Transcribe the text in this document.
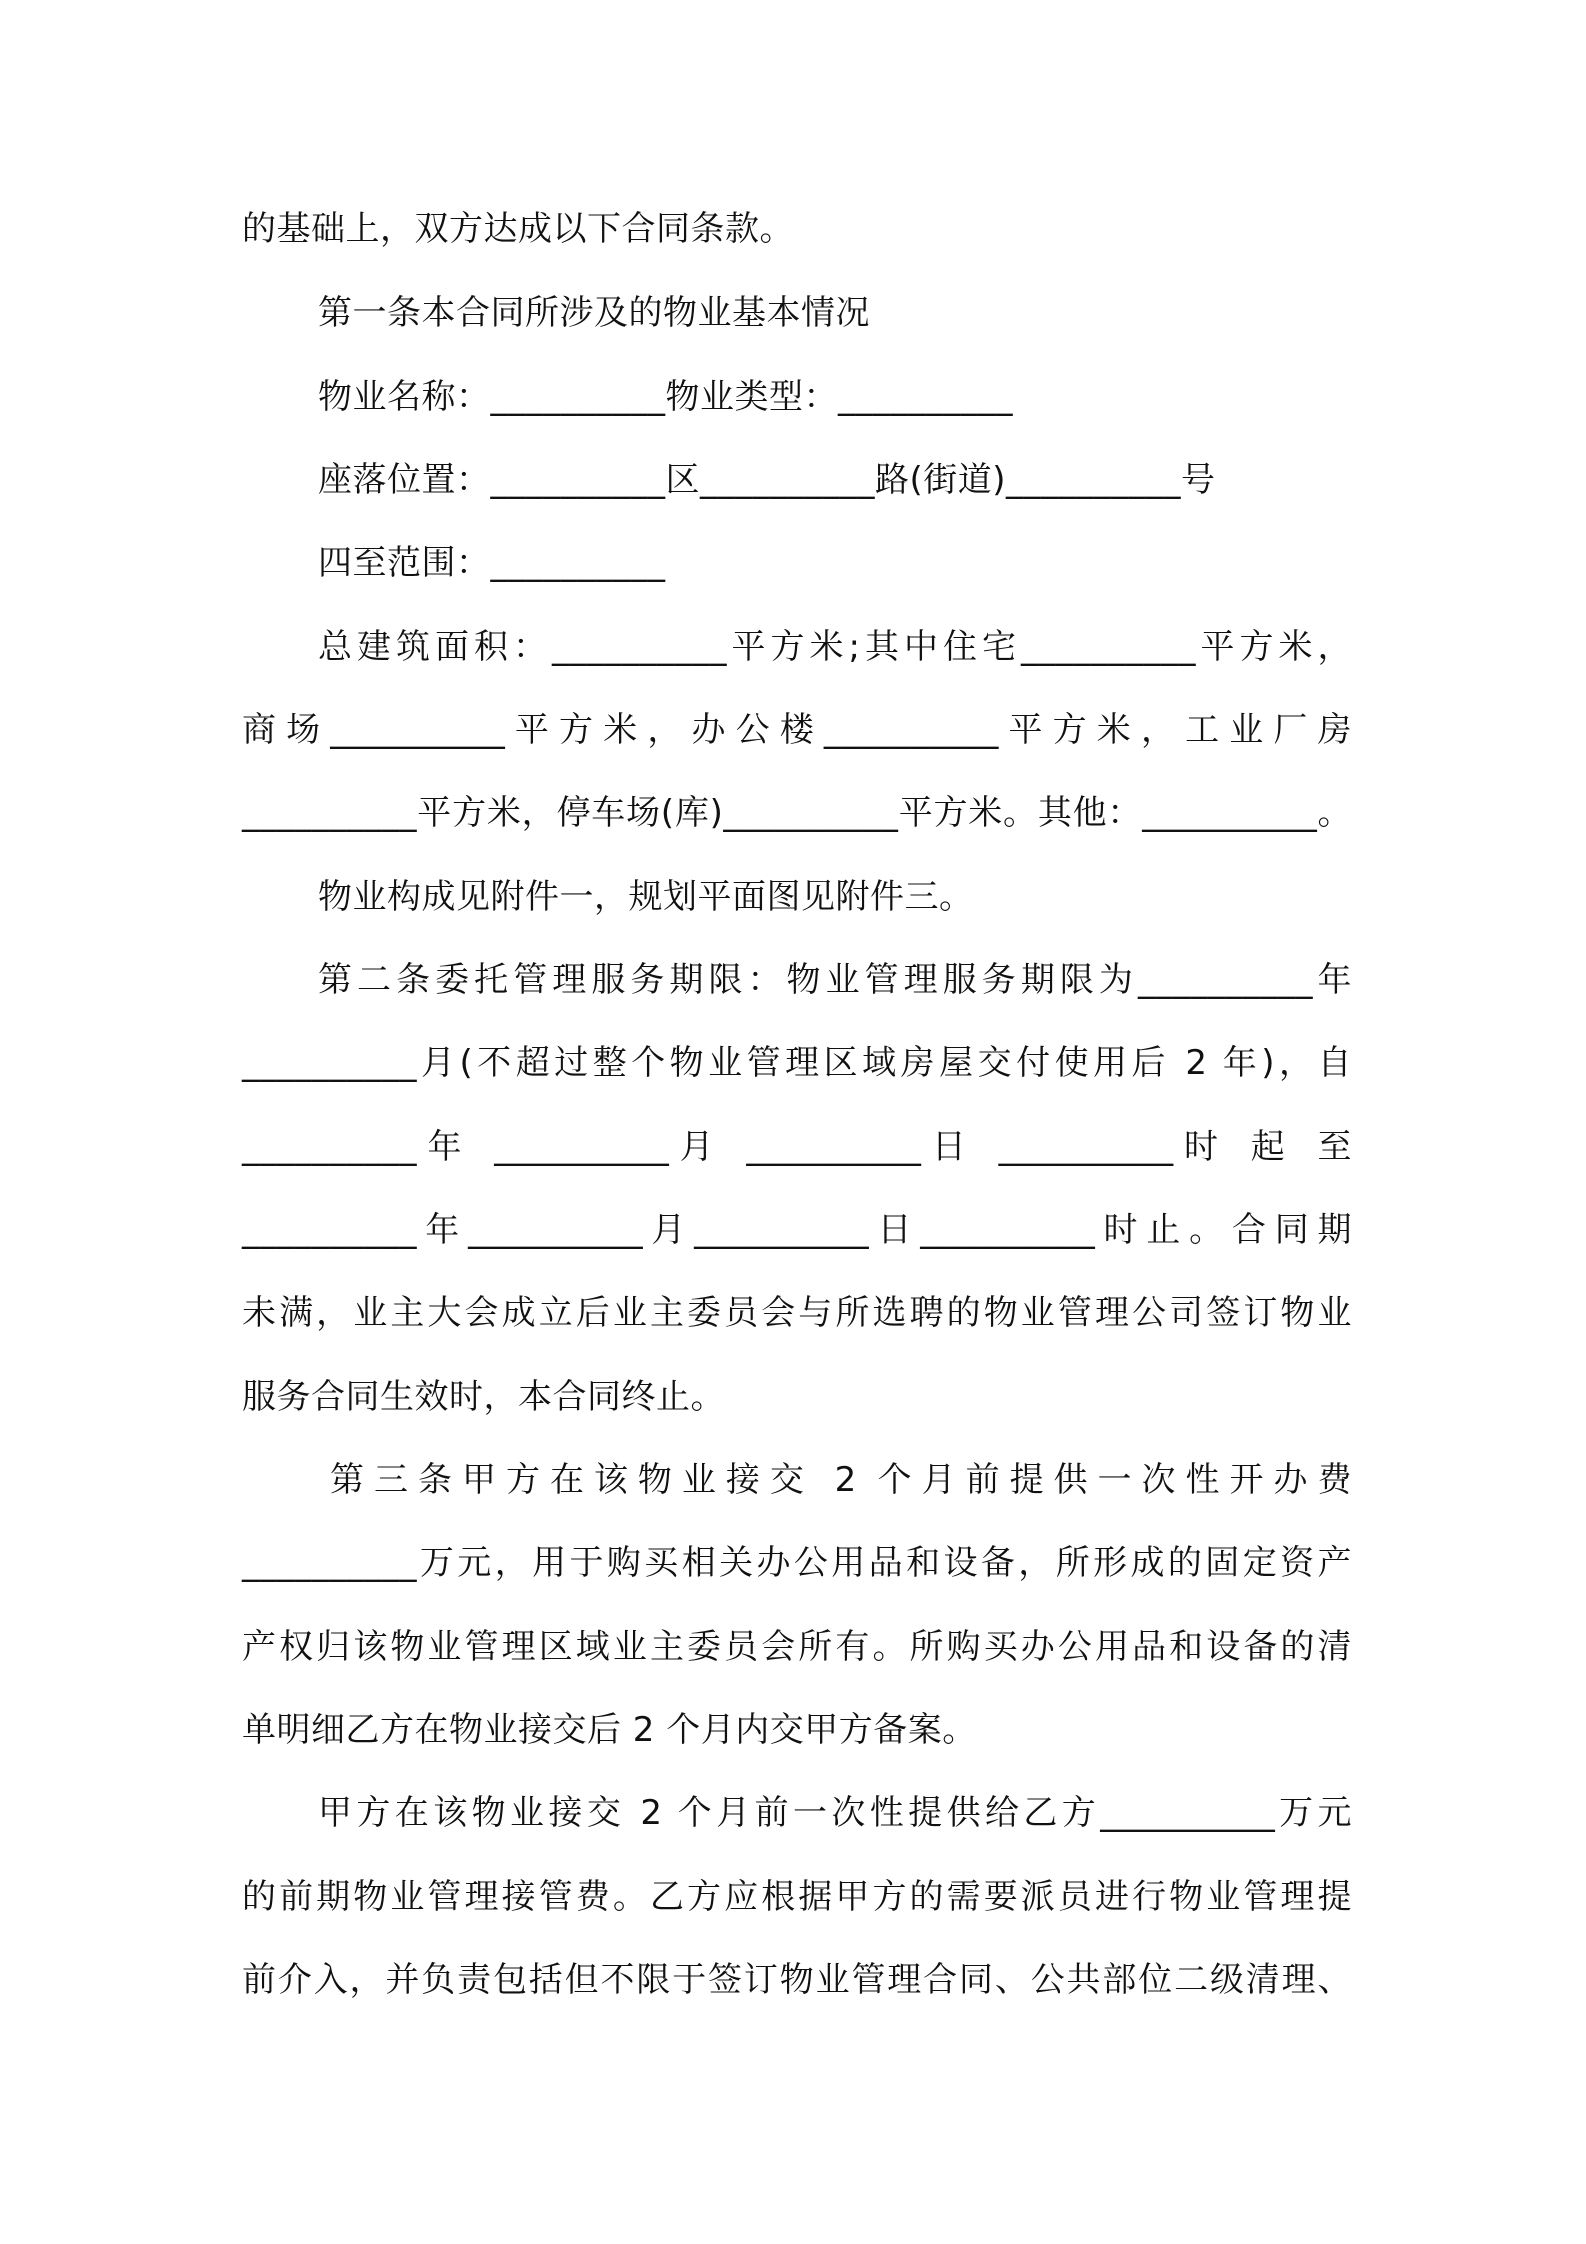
的基础上，双方达成以下合同条款。
第一条本合同所涉及的物业基本情况
物业名称：__________物业类型：__________
座落位置：__________区__________路(街道)__________号
四至范围：__________
总建筑面积：__________平方米;其中住宅__________平方米，
商场__________平方米，办公楼__________平方米，工业厂房
__________平方米，停车场(库)__________平方米。其他：__________。
物业构成见附件一，规划平面图见附件三。
第二条委托管理服务期限：物业管理服务期限为__________年
__________月(不超过整个物业管理区域房屋交付使用后 2 年)，自
__________年 __________月 __________日 __________时 起 至
__________年__________月__________日__________时止。合同期
未满，业主大会成立后业主委员会与所选聘的物业管理公司签订物业
服务合同生效时，本合同终止。
第三条甲方在该物业接交 2 个月前提供一次性开办费
__________万元，用于购买相关办公用品和设备，所形成的固定资产
产权归该物业管理区域业主委员会所有。所购买办公用品和设备的清
单明细乙方在物业接交后 2 个月内交甲方备案。
甲方在该物业接交 2 个月前一次性提供给乙方__________万元
的前期物业管理接管费。乙方应根据甲方的需要派员进行物业管理提
前介入，并负责包括但不限于签订物业管理合同、公共部位二级清理、
